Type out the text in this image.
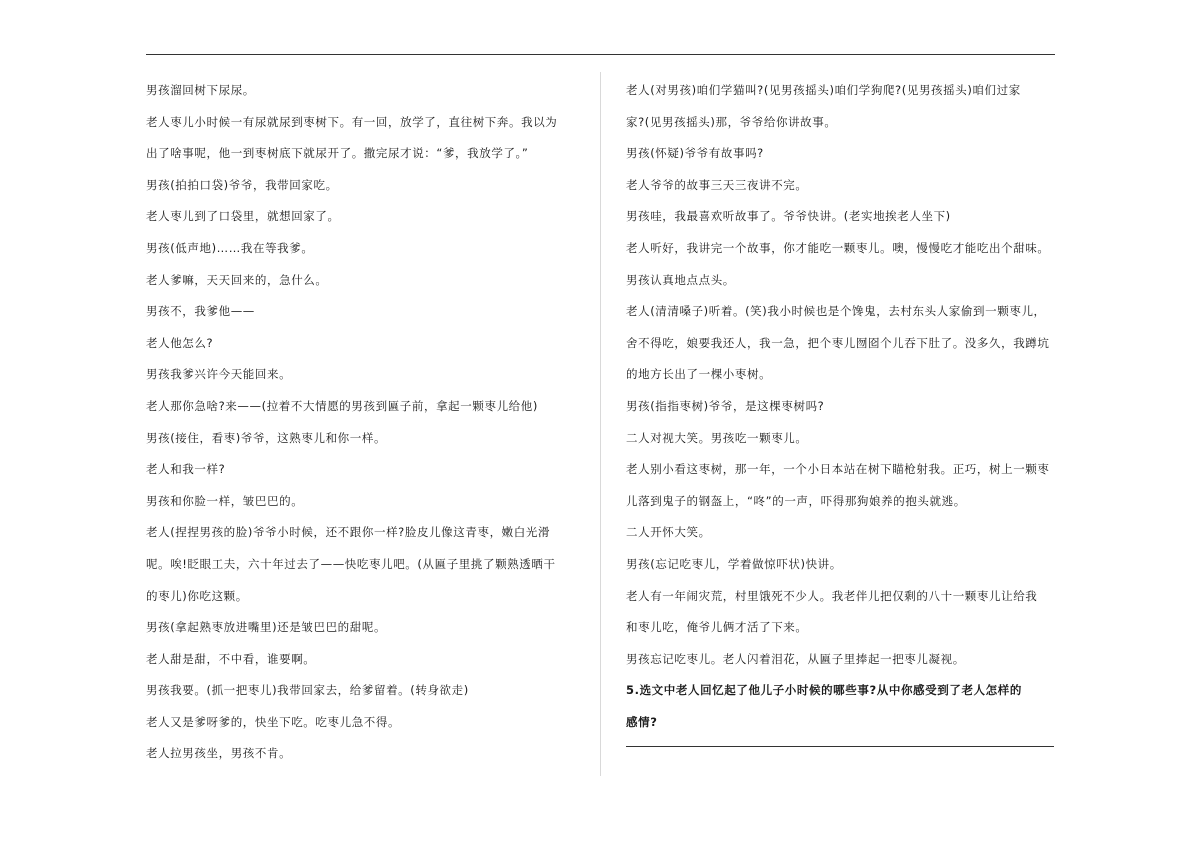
男孩溜回树下尿尿。
老人枣儿小时候一有尿就尿到枣树下。有一回，放学了，直往树下奔。我以为
出了啥事呢，他一到枣树底下就尿开了。撒完尿才说：“爹，我放学了。”
男孩(拍拍口袋)爷爷，我带回家吃。
老人枣儿到了口袋里，就想回家了。
男孩(低声地)……我在等我爹。
老人爹嘛，天天回来的，急什么。
男孩不，我爹他——
老人他怎么?
男孩我爹兴许今天能回来。
老人那你急啥?来——(拉着不大情愿的男孩到匾子前，拿起一颗枣儿给他)
男孩(接住，看枣)爷爷，这熟枣儿和你一样。
老人和我一样?
男孩和你脸一样，皱巴巴的。
老人(捏捏男孩的脸)爷爷小时候，还不跟你一样?脸皮儿像这青枣，嫩白光滑
呢。唉!眨眼工夫，六十年过去了——快吃枣儿吧。(从匾子里挑了颗熟透晒干
的枣儿)你吃这颗。
男孩(拿起熟枣放进嘴里)还是皱巴巴的甜呢。
老人甜是甜，不中看，谁要啊。
男孩我要。(抓一把枣儿)我带回家去，给爹留着。(转身欲走)
老人又是爹呀爹的，快坐下吃。吃枣儿急不得。
老人拉男孩坐，男孩不肯。
老人(对男孩)咱们学猫叫?(见男孩摇头)咱们学狗爬?(见男孩摇头)咱们过家
家?(见男孩摇头)那，爷爷给你讲故事。
男孩(怀疑)爷爷有故事吗?
老人爷爷的故事三天三夜讲不完。
男孩哇，我最喜欢听故事了。爷爷快讲。(老实地挨老人坐下)
老人听好，我讲完一个故事，你才能吃一颗枣儿。噢，慢慢吃才能吃出个甜味。
男孩认真地点点头。
老人(清清嗓子)听着。(笑)我小时候也是个馋鬼，去村东头人家偷到一颗枣儿，
舍不得吃，娘要我还人，我一急，把个枣儿囫囵个儿吞下肚了。没多久，我蹲坑
的地方长出了一棵小枣树。
男孩(指指枣树)爷爷，是这棵枣树吗?
二人对视大笑。男孩吃一颗枣儿。
老人别小看这枣树，那一年，一个小日本站在树下瞄枪射我。正巧，树上一颗枣
儿落到鬼子的钢盔上，“咚”的一声，吓得那狗娘养的抱头就逃。
二人开怀大笑。
男孩(忘记吃枣儿，学着做惊吓状)快讲。
老人有一年闹灾荒，村里饿死不少人。我老伴儿把仅剩的八十一颗枣儿让给我
和枣儿吃，俺爷儿俩才活了下来。
男孩忘记吃枣儿。老人闪着泪花，从匾子里捧起一把枣儿凝视。
5.选文中老人回忆起了他儿子小时候的哪些事?从中你感受到了老人怎样的
感情?
